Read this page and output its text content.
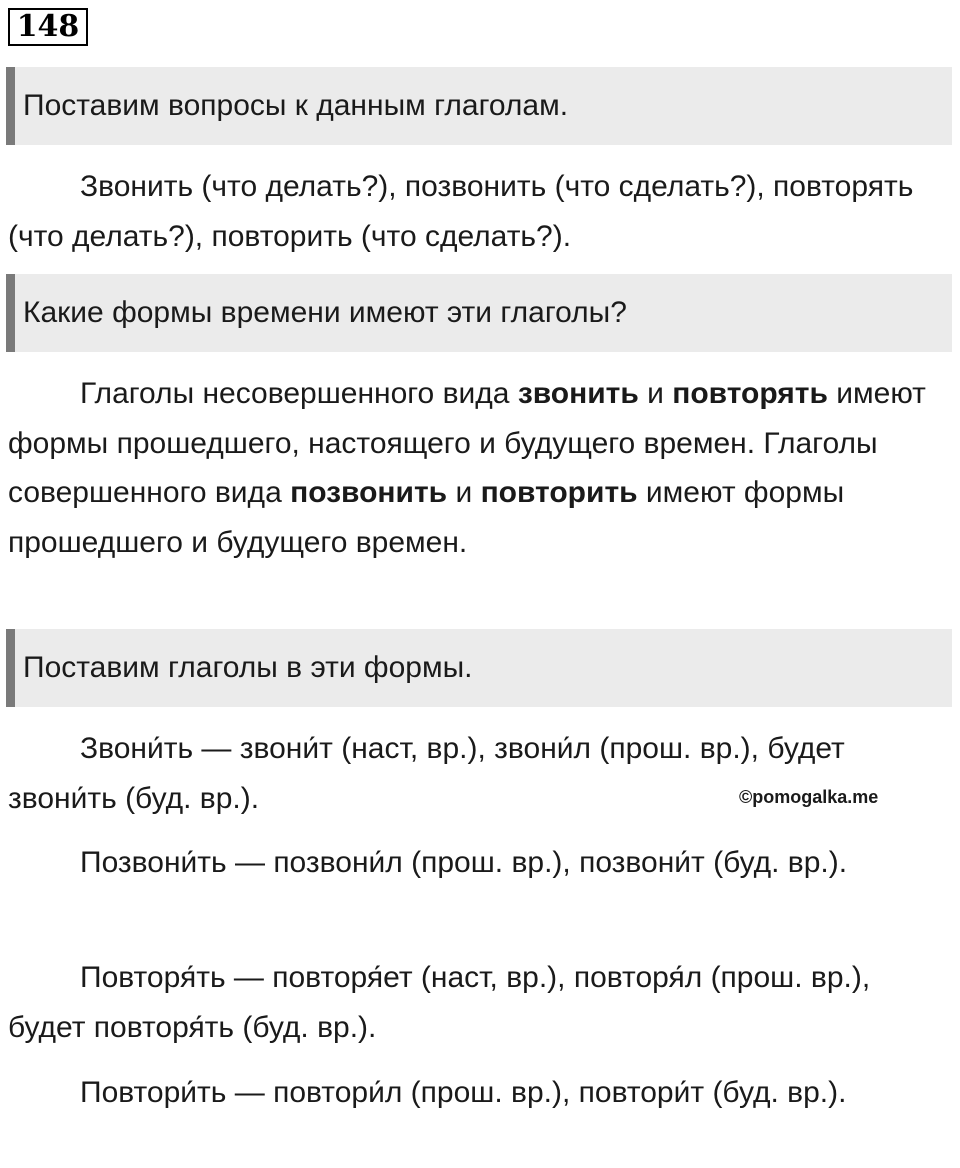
148
Поставим вопросы к данным глаголам.

Звонить (что делать?), позвонить (что сделать?), повторять (что делать?), повторить (что сделать?).

Какие формы времени имеют эти глаголы?

Глаголы несовершенного вида звонить и повторять имеют формы прошедшего, настоящего и будущего времен. Глаголы совершенного вида позвонить и повторить имеют формы прошедшего и будущего времен.

Поставим глаголы в эти формы.

Звони́ть — звони́т (наст, вр.), звони́л (прош. вр.), будет звони́ть (буд. вр.).	©pomogalka.me

Позвони́ть — позвони́л (прош. вр.), позвони́т (буд. вр.).

Повторя́ть — повторя́ет (наст, вр.), повторя́л (прош. вр.), будет повторя́ть (буд. вр.).

Повтори́ть — повтори́л (прош. вр.), повтори́т (буд. вр.).
